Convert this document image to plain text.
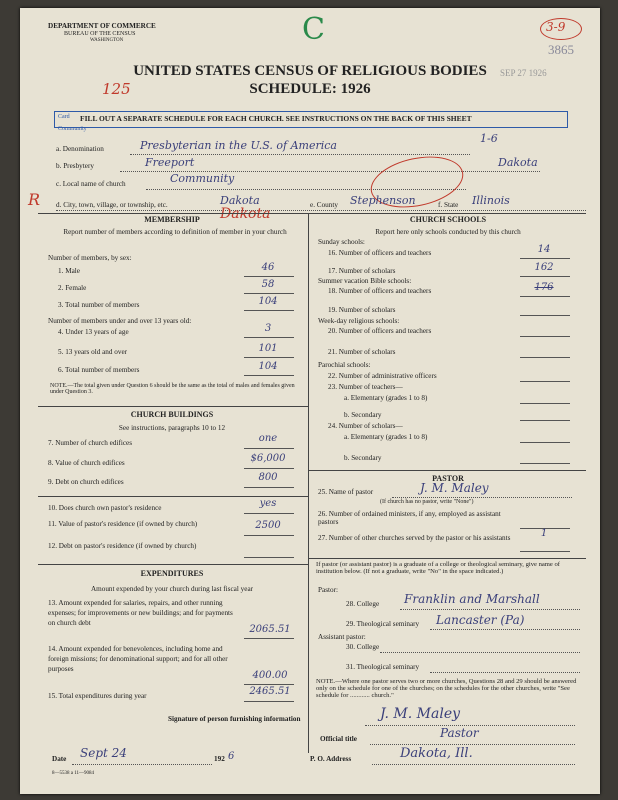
DEPARTMENT OF COMMERCE
BUREAU OF THE CENSUS
WASHINGTON	C	3-9
3865
SEP 27 1926
UNITED STATES CENSUS OF RELIGIOUS BODIES
SCHEDULE: 1926
125
Card
Community
FILL OUT A SEPARATE SCHEDULE FOR EACH CHURCH. SEE INSTRUCTIONS ON THE BACK OF THIS SHEET
a. Denomination	Presbyterian in the U.S. of America
1-6
b. Presbytery	Freeport	Dakota
c. Local name of church	Community
R d. City, town, village, or township, etc.	Dakota	e. County Stephenson	f. State Illinois
Dakota
MEMBERSHIP
Report number of members according to definition of member in your church
Number of members, by sex:
1. Male	46
2. Female	58
3. Total number of members	104
Number of members under and over 13 years old:
4. Under 13 years of age	3
5. 13 years old and over	101
6. Total number of members	104
NOTE.—The total given under Question 6 should be the same as the total of males and females given under Question 3.
CHURCH BUILDINGS
See instructions, paragraphs 10 to 12
7. Number of church edifices	one
8. Value of church edifices	$6,000
9. Debt on church edifices	800
10. Does church own pastor's residence	yes
11. Value of pastor's residence (if owned by church)	2500
12. Debt on pastor's residence (if owned by church)
EXPENDITURES
Amount expended by your church during last fiscal year
13. Amount expended for salaries, repairs, and other running expenses; for improvements or new buildings; and for payments on church debt
2065.51
14. Amount expended for benevolences, including home and foreign missions; for denominational support; and for all other purposes
400.00
15. Total expenditures during year	2465.51
CHURCH SCHOOLS
Report here only schools conducted by this church
Sunday schools:
16. Number of officers and teachers	14
17. Number of scholars	162
Summer vacation Bible schools:
18. Number of officers and teachers	176
19. Number of scholars
Week-day religious schools:
20. Number of officers and teachers
21. Number of scholars
Parochial schools:
22. Number of administrative officers
23. Number of teachers—
a. Elementary (grades 1 to 8)
b. Secondary
24. Number of scholars—
a. Elementary (grades 1 to 8)
b. Secondary
PASTOR
25. Name of pastor	J. M. Maley
(If church has no pastor, write "None")
26. Number of ordained ministers, if any, employed as assistant pastors
27. Number of other churches served by the pastor or his assistants	1
If pastor (or assistant pastor) is a graduate of a college or theological seminary, give name of institution below. (If not a graduate, write "No" in the space indicated.)
Pastor:
28. College Franklin and Marshall
29. Theological seminary Lancaster (Pa)
Assistant pastor:
30. College
31. Theological seminary
NOTE.—Where one pastor serves two or more churches, Questions 28 and 29 should be answered only on the schedule for one of the churches; on the schedules for the other churches, write "See schedule for ............ church."
Signature of person furnishing information	J. M. Maley
Official title	Pastor
Date Sept 24	192 6	P. O. Address	Dakota, Ill.
8—5538 a 11—9084
